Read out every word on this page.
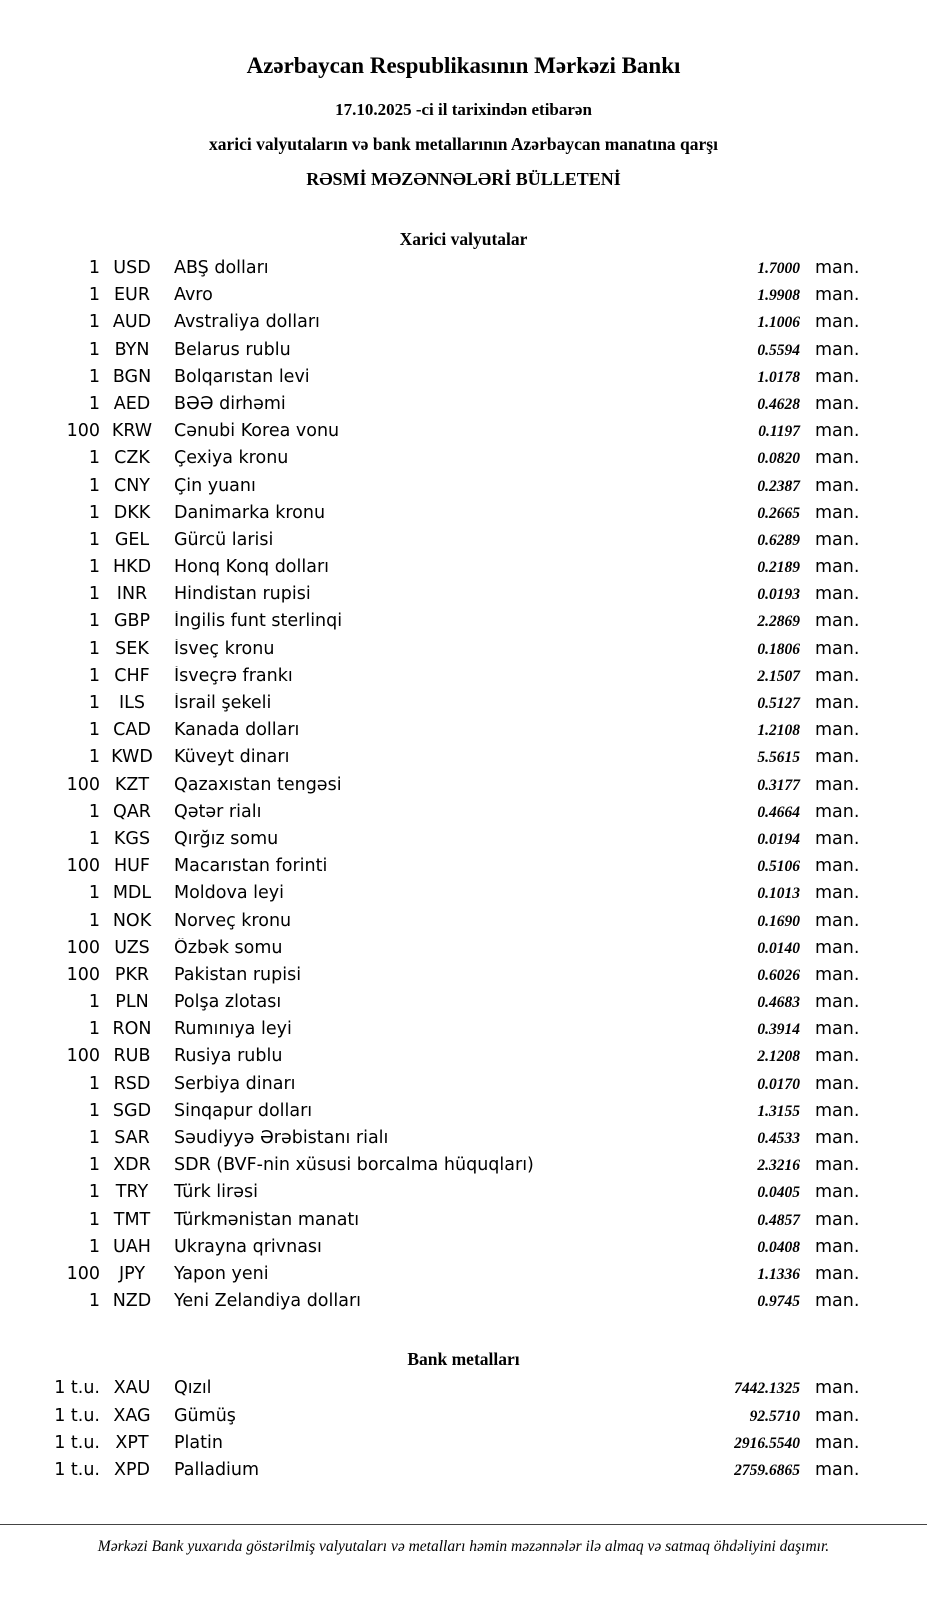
Azərbaycan Respublikasının Mərkəzi Bankı
17.10.2025 -ci il tarixindən etibarən
xarici valyutaların və bank metallarının Azərbaycan manatına qarşı
RƏSMİ MƏZƏNNƏLƏRİ BÜLLETENİ
Xarici valyutalar
1 USD	ABŞ dolları	1.7000 man.
1 EUR	Avro	1.9908 man.
1 AUD	Avstraliya dolları	1.1006 man.
1 BYN	Belarus rublu	0.5594 man.
1 BGN	Bolqarıstan levi	1.0178 man.
1 AED	BƏƏ dirhəmi	0.4628 man.
100 KRW	Cənubi Korea vonu	0.1197 man.
1 CZK	Çexiya kronu	0.0820 man.
1 CNY	Çin yuanı	0.2387 man.
1 DKK	Danimarka kronu	0.2665 man.
1 GEL	Gürcü larisi	0.6289 man.
1 HKD	Honq Konq dolları	0.2189 man.
1 INR	Hindistan rupisi	0.0193 man.
1 GBP	İngilis funt sterlinqi	2.2869 man.
1 SEK	İsveç kronu	0.1806 man.
1 CHF	İsveçrə frankı	2.1507 man.
1	ILS	İsrail şekeli	0.5127 man.
1 CAD	Kanada dolları	1.2108 man.
1 KWD	Küveyt dinarı	5.5615 man.
100 KZT	Qazaxıstan tengəsi	0.3177 man.
1 QAR	Qətər rialı	0.4664 man.
1 KGS	Qırğız somu	0.0194 man.
100 HUF	Macarıstan forinti	0.5106 man.
1 MDL	Moldova leyi	0.1013 man.
1 NOK	Norveç kronu	0.1690 man.
100 UZS	Özbək somu	0.0140 man.
100 PKR	Pakistan rupisi	0.6026 man.
1 PLN	Polşa zlotası	0.4683 man.
1 RON	Rumınıya leyi	0.3914 man.
100 RUB	Rusiya rublu	2.1208 man.
1 RSD	Serbiya dinarı	0.0170 man.
1 SGD	Sinqapur dolları	1.3155 man.
1 SAR	Səudiyyə Ərəbistanı rialı	0.4533 man.
1 XDR	SDR (BVF-nin xüsusi borcalma hüquqları)	2.3216 man.
1 TRY	Türk lirəsi	0.0405 man.
1 TMT	Türkmənistan manatı	0.4857 man.
1 UAH	Ukrayna qrivnası	0.0408 man.
100	JPY	Yapon yeni	1.1336 man.
1 NZD	Yeni Zelandiya dolları	0.9745 man.
Bank metalları
1 t.u. XAU	Qızıl	7442.1325 man.
1 t.u. XAG	Gümüş	92.5710 man.
1 t.u. XPT	Platin	2916.5540 man.
1 t.u. XPD	Palladium	2759.6865 man.
Mərkəzi Bank yuxarıda göstərilmiş valyutaları və metalları həmin məzənnələr ilə almaq və satmaq öhdəliyini daşımır.
